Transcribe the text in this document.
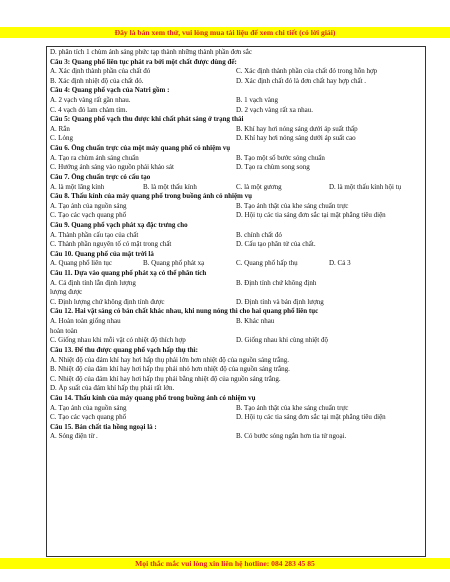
Đây là bản xem thử, vui lòng mua tài liệu để xem chi tiết (có lời giải)
D. phân tích 1 chùm ánh sáng phức tạp thành những thành phần đơn sắc
Câu 3: Quang phổ liên tục phát ra bởi một chất được dùng để:
A. Xác định thành phần của chất đó	C. Xác định thành phần của chất đó trong hỗn hợp
B. Xác định nhiệt độ của chất đó.	D. Xác định chất đó là đơn chất hay hợp chất .
Câu 4: Quang phổ vạch của Natri gồm :
A. 2 vạch vàng rất gần nhau.	B. 1 vạch vàng
C. 4 vạch đỏ lam chàm tím.	D. 2 vạch vàng rất xa nhau.
Câu 5: Quang phổ vạch thu được khi chất phát sáng ở trạng thái
A. Rắn	B. Khí hay hơi nóng sáng dưới áp suất thấp
C. Lỏng	D. Khí hay hơi nóng sáng dưới áp suất cao
Câu 6. Ống chuẩn trực của một máy quang phổ có nhiệm vụ
A. Tạo ra chùm ánh sáng chuẩn	B. Tạo một số bước sóng chuẩn
C. Hướng ánh sáng vào nguồn phải khảo sát	D. Tạo ra chùm song song
Câu 7. Ống chuẩn trực có cấu tạo
A. là một lăng kính	B. là một thấu kính	C. là một gương	D. là một thấu kính hội tụ
Câu 8. Thấu kính của máy quang phổ trong buồng ảnh có nhiệm vụ
A. Tạo ảnh của nguồn sáng	B. Tạo ảnh thật của khe sáng chuẩn trực
C. Tạo các vạch quang phổ	D. Hội tụ các tia sáng đơn sắc tại mặt phẳng tiêu diện
Câu 9. Quang phổ vạch phát xạ đặc trưng cho
A. Thành phần cấu tạo của chất	B. chính chất đó
C. Thành phần nguyên tố có mặt trong chất	D. Cấu tạo phân tử của chất.
Câu 10. Quang phổ của mặt trời là
A. Quang phổ liên tục	B. Quang phổ phát xạ	C. Quang phổ hấp thụ	D. Cả 3
Câu 11. Dựa vào quang phổ phát xạ có thể phân tích
A. Cả định tính lẫn định lượng	B. Định tính chứ không định
lượng được
C. Định lượng chứ không định tính được	D. Định tính và bán định lượng
Câu 12. Hai vật sáng có bản chất khác nhau, khi nung nóng thì cho hai quang phổ liên tục
A. Hoàn toàn giống nhau	B. Khác nhau
hoàn toàn
C. Giống nhau khi mỗi vật có nhiệt độ thích hợp	D. Giống nhau khi cùng nhiệt độ
Câu 13. Để thu được quang phổ vạch hấp thụ thì:
A. Nhiệt độ của đám khí hay hơi hấp thụ phải lớn hơn nhiệt độ của nguồn sáng trắng.
B. Nhiệt độ của đám khí hay hơi hấp thụ phải nhỏ hơn nhiệt độ của nguồn sáng trắng.
C. Nhiệt độ của đám khí hay hơi hấp thụ phải bằng nhiệt độ của nguồn sáng trắng.
D. Áp suất của đám khí hấp thụ phải rất lớn.
Câu 14. Thấu kính của máy quang phổ trong buồng ảnh có nhiệm vụ
A. Tạo ảnh của nguồn sáng	B. Tạo ảnh thật của khe sáng chuẩn trực
C. Tạo các vạch quang phổ	D. Hội tụ các tia sáng đơn sắc tại mặt phẳng tiêu diện
Câu 15. Bản chất tia hồng ngoại là :
A. Sóng điện từ .	B. Có bước sóng ngắn hơn tia tử ngoại.
Mọi thắc mắc vui lòng xin liên hệ hotline: 084 283 45 85
